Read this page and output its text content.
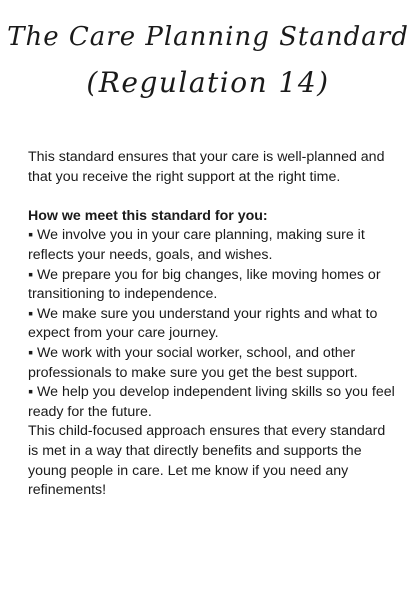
The Care Planning Standard
(Regulation 14)

This standard ensures that your care is well-planned and that you receive the right support at the right time.

How we meet this standard for you:

▪ We involve you in your care planning, making sure it reflects your needs, goals, and wishes.
▪ We prepare you for big changes, like moving homes or transitioning to independence.
▪ We make sure you understand your rights and what to expect from your care journey.
▪ We work with your social worker, school, and other professionals to make sure you get the best support.
▪ We help you develop independent living skills so you feel ready for the future.

This child-focused approach ensures that every standard is met in a way that directly benefits and supports the young people in care. Let me know if you need any refinements!
